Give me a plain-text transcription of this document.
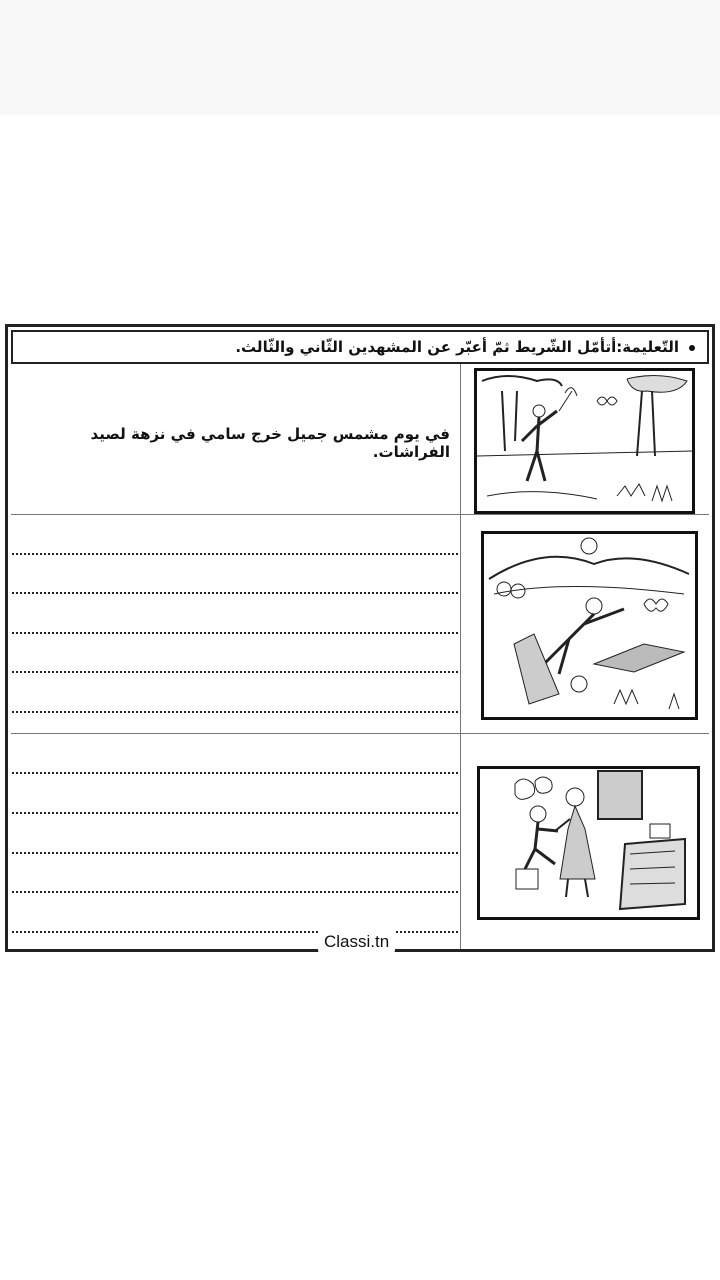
التّعليمة:أتأمّل الشّريط ثمّ أعبّر عن المشهدين الثّاني والثّالث.
في يوم مشمس جميل خرج سامي في نزهة لصيد الفراشات.
Classi.tn
